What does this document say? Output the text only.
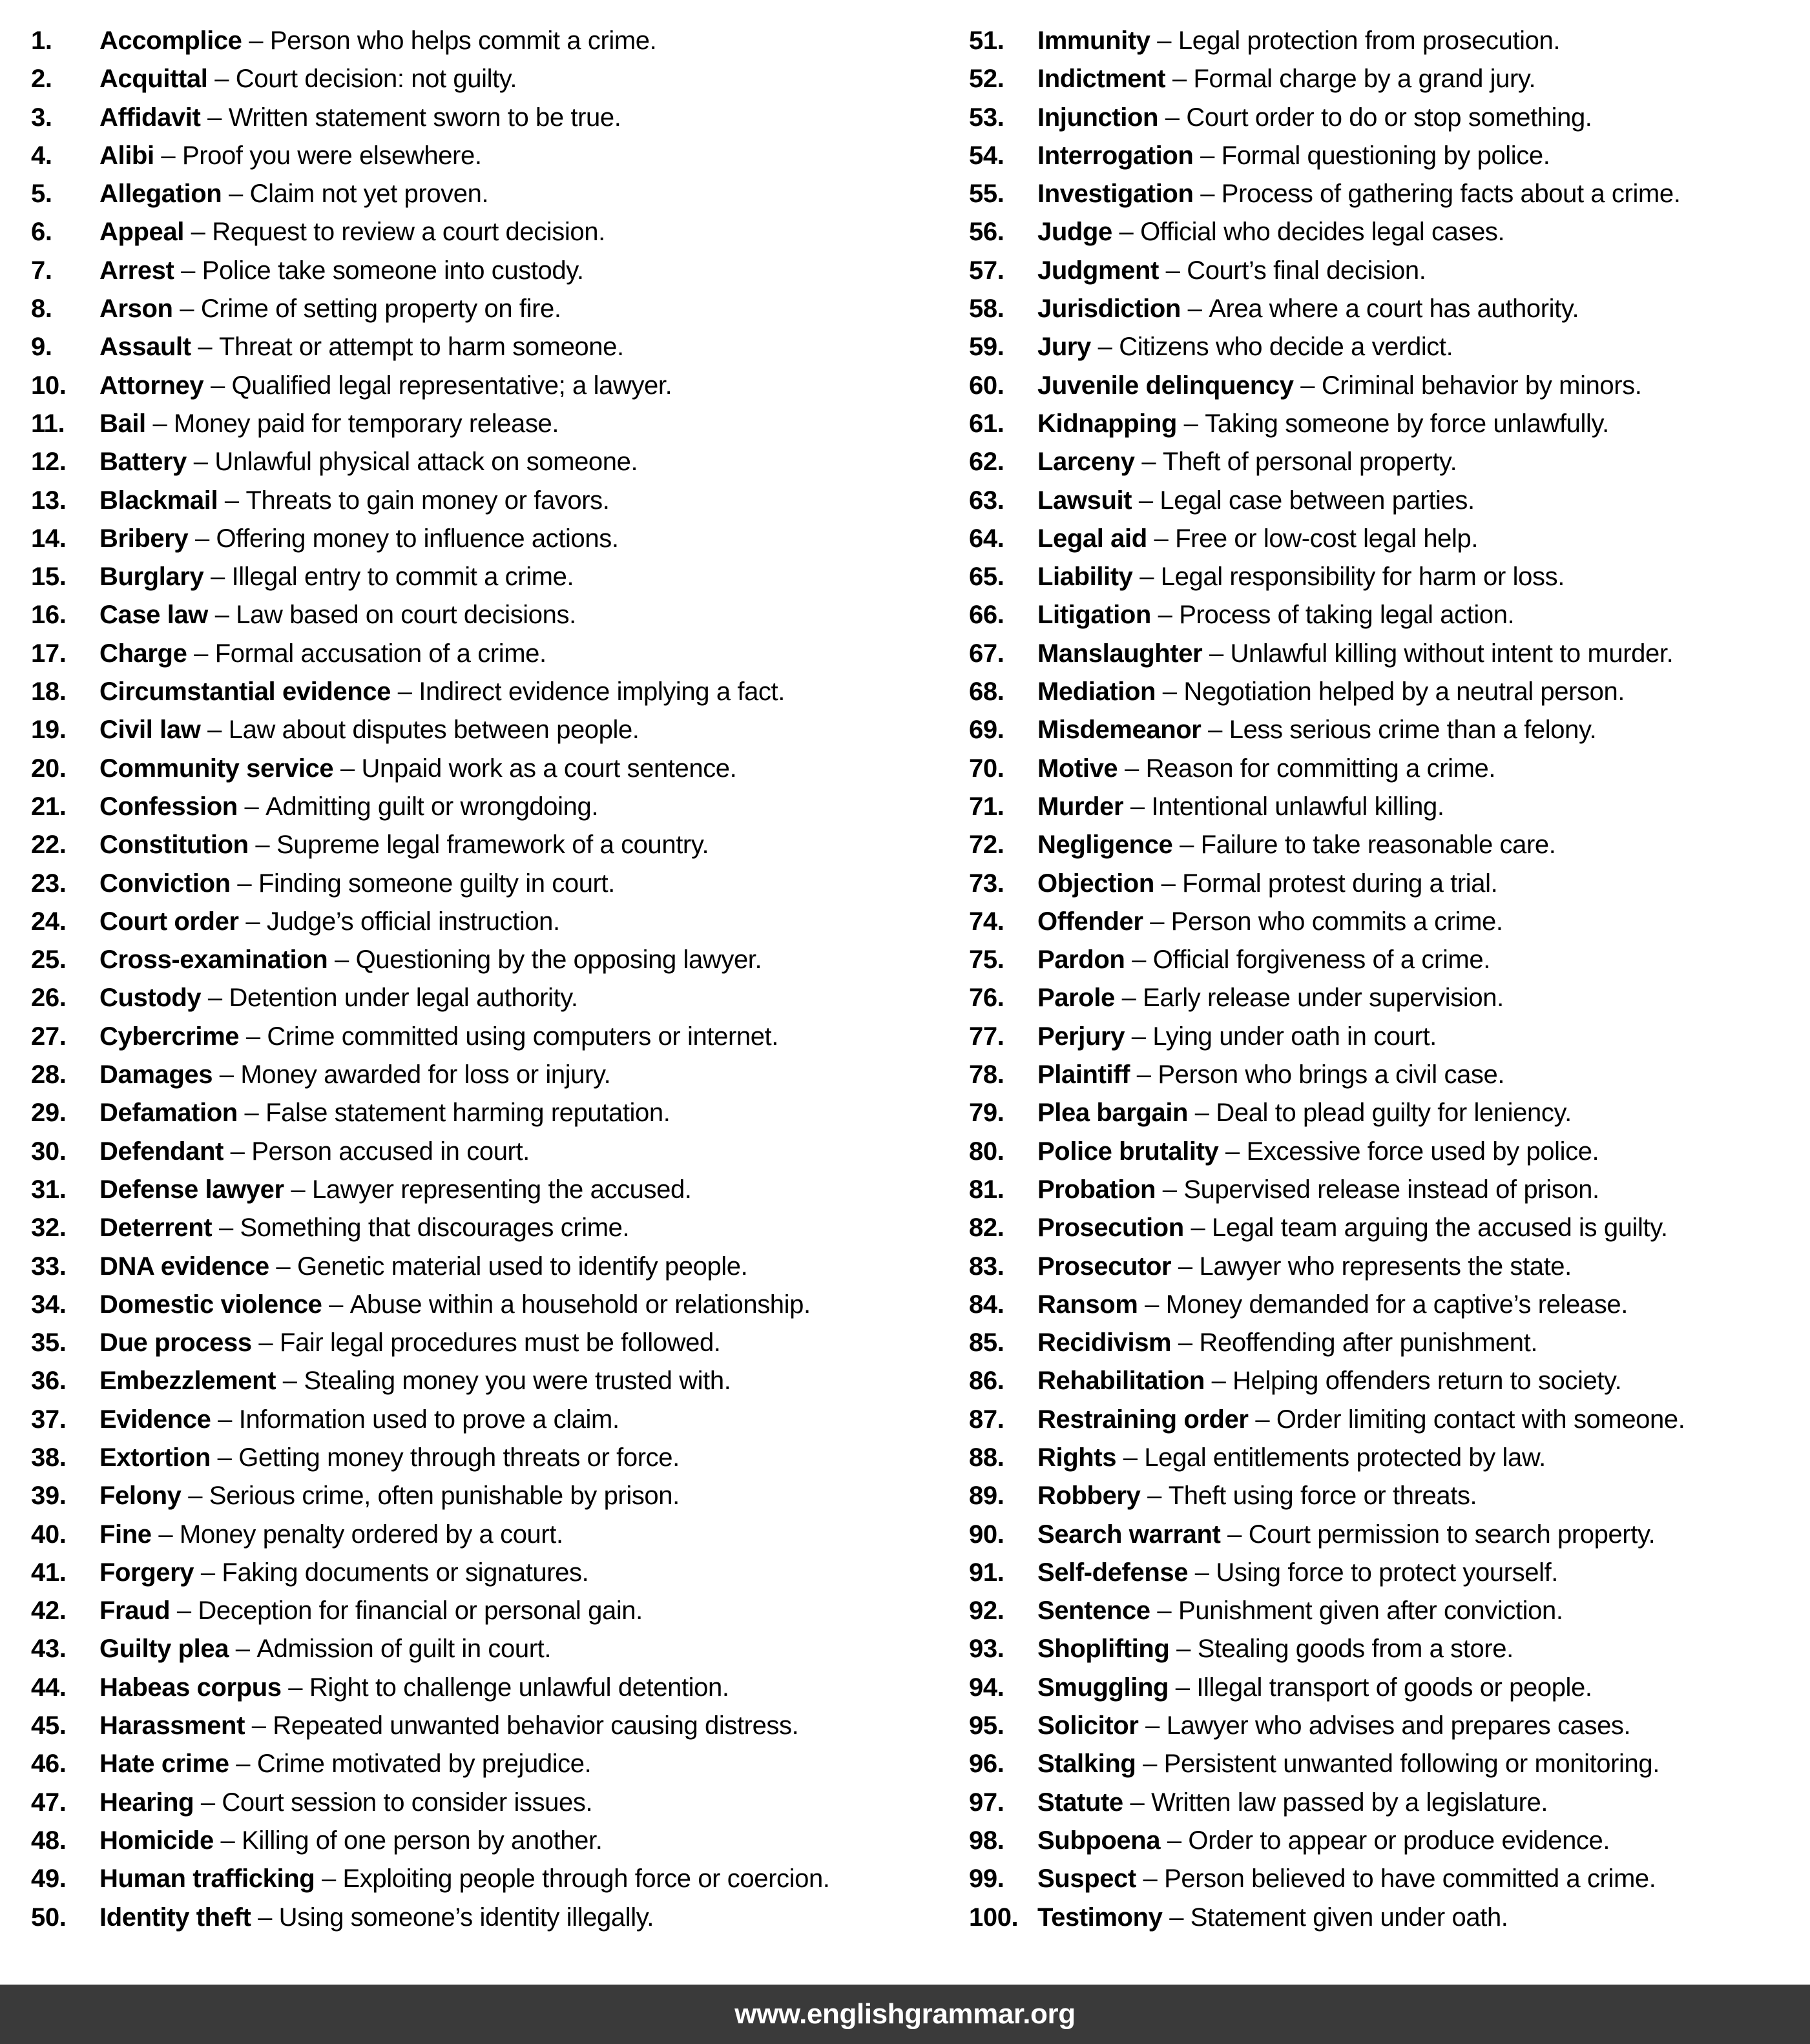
1.	Accomplice – Person who helps commit a crime.
2.	Acquittal – Court decision: not guilty.
3.	Affidavit – Written statement sworn to be true.
4.	Alibi – Proof you were elsewhere.
5.	Allegation – Claim not yet proven.
6.	Appeal – Request to review a court decision.
7.	Arrest – Police take someone into custody.
8.	Arson – Crime of setting property on fire.
9.	Assault – Threat or attempt to harm someone.
10.	Attorney – Qualified legal representative; a lawyer.
11.	Bail – Money paid for temporary release.
12.	Battery – Unlawful physical attack on someone.
13.	Blackmail – Threats to gain money or favors.
14.	Bribery – Offering money to influence actions.
15.	Burglary – Illegal entry to commit a crime.
16.	Case law – Law based on court decisions.
17.	Charge – Formal accusation of a crime.
18.	Circumstantial evidence – Indirect evidence implying a fact.
19.	Civil law – Law about disputes between people.
20.	Community service – Unpaid work as a court sentence.
21.	Confession – Admitting guilt or wrongdoing.
22.	Constitution – Supreme legal framework of a country.
23.	Conviction – Finding someone guilty in court.
24.	Court order – Judge’s official instruction.
25.	Cross-examination – Questioning by the opposing lawyer.
26.	Custody – Detention under legal authority.
27.	Cybercrime – Crime committed using computers or internet.
28.	Damages – Money awarded for loss or injury.
29.	Defamation – False statement harming reputation.
30.	Defendant – Person accused in court.
31.	Defense lawyer – Lawyer representing the accused.
32.	Deterrent – Something that discourages crime.
33.	DNA evidence – Genetic material used to identify people.
34.	Domestic violence – Abuse within a household or relationship.
35.	Due process – Fair legal procedures must be followed.
36.	Embezzlement – Stealing money you were trusted with.
37.	Evidence – Information used to prove a claim.
38.	Extortion – Getting money through threats or force.
39.	Felony – Serious crime, often punishable by prison.
40.	Fine – Money penalty ordered by a court.
41.	Forgery – Faking documents or signatures.
42.	Fraud – Deception for financial or personal gain.
43.	Guilty plea – Admission of guilt in court.
44.	Habeas corpus – Right to challenge unlawful detention.
45.	Harassment – Repeated unwanted behavior causing distress.
46.	Hate crime – Crime motivated by prejudice.
47.	Hearing – Court session to consider issues.
48.	Homicide – Killing of one person by another.
49.	Human trafficking – Exploiting people through force or coercion.
50.	Identity theft – Using someone’s identity illegally.
51.	Immunity – Legal protection from prosecution.
52.	Indictment – Formal charge by a grand jury.
53.	Injunction – Court order to do or stop something.
54.	Interrogation – Formal questioning by police.
55.	Investigation – Process of gathering facts about a crime.
56.	Judge – Official who decides legal cases.
57.	Judgment – Court’s final decision.
58.	Jurisdiction – Area where a court has authority.
59.	Jury – Citizens who decide a verdict.
60.	Juvenile delinquency – Criminal behavior by minors.
61.	Kidnapping – Taking someone by force unlawfully.
62.	Larceny – Theft of personal property.
63.	Lawsuit – Legal case between parties.
64.	Legal aid – Free or low-cost legal help.
65.	Liability – Legal responsibility for harm or loss.
66.	Litigation – Process of taking legal action.
67.	Manslaughter – Unlawful killing without intent to murder.
68.	Mediation – Negotiation helped by a neutral person.
69.	Misdemeanor – Less serious crime than a felony.
70.	Motive – Reason for committing a crime.
71.	Murder – Intentional unlawful killing.
72.	Negligence – Failure to take reasonable care.
73.	Objection – Formal protest during a trial.
74.	Offender – Person who commits a crime.
75.	Pardon – Official forgiveness of a crime.
76.	Parole – Early release under supervision.
77.	Perjury – Lying under oath in court.
78.	Plaintiff – Person who brings a civil case.
79.	Plea bargain – Deal to plead guilty for leniency.
80.	Police brutality – Excessive force used by police.
81.	Probation – Supervised release instead of prison.
82.	Prosecution – Legal team arguing the accused is guilty.
83.	Prosecutor – Lawyer who represents the state.
84.	Ransom – Money demanded for a captive’s release.
85.	Recidivism – Reoffending after punishment.
86.	Rehabilitation – Helping offenders return to society.
87.	Restraining order – Order limiting contact with someone.
88.	Rights – Legal entitlements protected by law.
89.	Robbery – Theft using force or threats.
90.	Search warrant – Court permission to search property.
91.	Self-defense – Using force to protect yourself.
92.	Sentence – Punishment given after conviction.
93.	Shoplifting – Stealing goods from a store.
94.	Smuggling – Illegal transport of goods or people.
95.	Solicitor – Lawyer who advises and prepares cases.
96.	Stalking – Persistent unwanted following or monitoring.
97.	Statute – Written law passed by a legislature.
98.	Subpoena – Order to appear or produce evidence.
99.	Suspect – Person believed to have committed a crime.
100. Testimony – Statement given under oath.
www.englishgrammar.org
